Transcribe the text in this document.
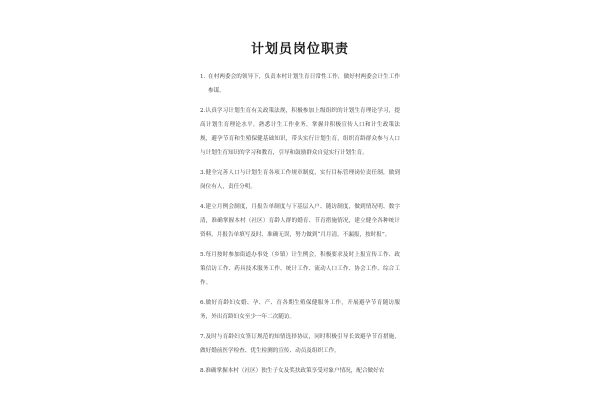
计划员岗位职责

1. 在村两委会的领导下，负责本村计划生育日常性工作，做好村两委会计生工作参谋。

2.认真学习计划生育有关政策法规，积极参加上级组织的计划生育理论学习，提高计划生育理论水平，熟悉计生工作业务，掌握并积极宣传人口和计生政策法规，避孕节育和生殖保健基础知识，带头实行计划生育，组织育龄群众参与人口与计划生育知识的学习和教育，引导和鼓励群众自觉实行计划生育。

3.健全完善人口与计划生育各项工作规章制度，实行目标管理岗位责任制，做到岗位有人，责任分明。

4.建立月例会制度，月报告单制度与下基层入户、随访制度，做到情况明、数字清，准确掌握本村（社区）育龄人群的婚育、节育措施情况，建立健全各种统计资料，月报告单填写及时、准确无误，努力做到“月月清，不漏报，按时报”。

5.每月按时参加街道办事处（乡镇）计生例会，积极要求及时上报宣传工作、政策信访工作、药具技术服务工作、统计工作、流动人口工作、协会工作、综合工作。

6.做好育龄妇女婚、孕、产、育各期生殖保健服务工作，开展避孕节育随访服务，外出育龄妇女至少一年二次随访。

7.及时与育龄妇女签订规范的知情选择协议，同时积极引导长效避孕节育措施，做好婚前医学检查、优生检测的宣传、动员及组织工作。

8.准确掌握本村（社区）独生子女及奖扶政策享受对象户情况，配合做好农
